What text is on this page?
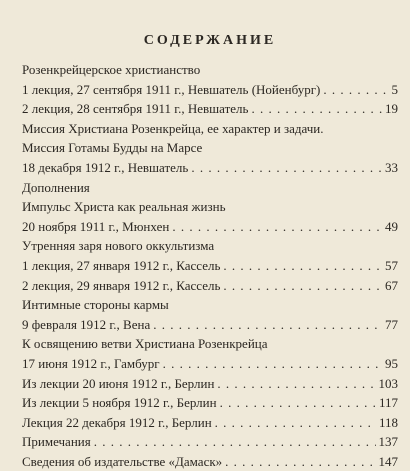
СОДЕРЖАНИЕ
Розенкрейцерское христианство
1 лекция, 27 сентября 1911 г., Невшатель (Нойенбург) . . .	5
2 лекция, 28 сентября 1911 г., Невшатель . . .	19
Миссия Христиана Розенкрейца, ее характер и задачи.
Миссия Готамы Будды на Марсе
18 декабря 1912 г., Невшатель . . .	33
Дополнения
Импульс Христа как реальная жизнь
20 ноября 1911 г., Мюнхен . . .	49
Утренняя заря нового оккультизма
1 лекция, 27 января 1912 г., Кассель . . .	57
2 лекция, 29 января 1912 г., Кассель . . .	67
Интимные стороны кармы
9 февраля 1912 г., Вена . . .	77
К освящению ветви Христиана Розенкрейца
17 июня 1912 г., Гамбург . . .	95
Из лекции 20 июня 1912 г., Берлин . . .	103
Из лекции 5 ноября 1912 г., Берлин . . .	117
Лекция 22 декабря 1912 г., Берлин . . .	118
Примечания . . .	137
Сведения об издательстве «Дамаск» . . .	147
